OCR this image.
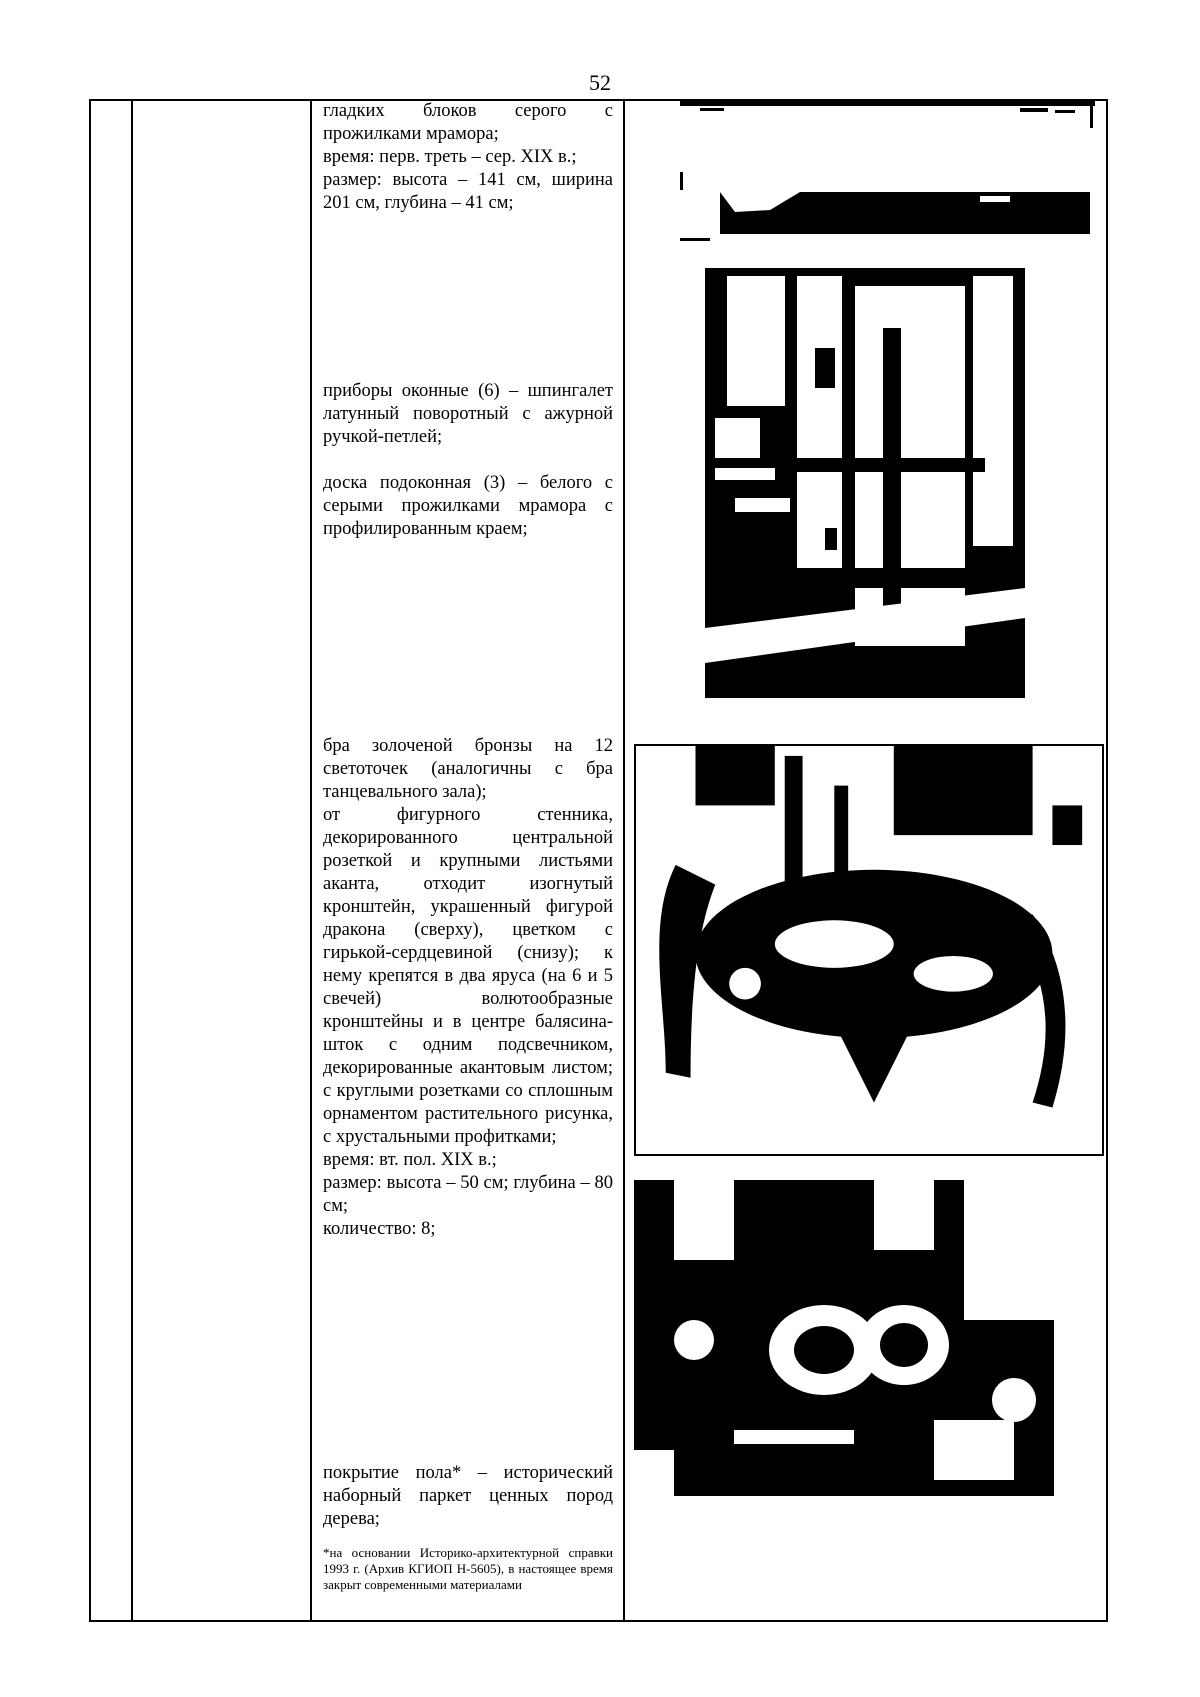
52
гладких блоков серого с прожилками мрамора;
время: перв. треть – сер. XIX в.;
размер: высота – 141 см, ширина 201 см, глубина – 41 см;
приборы оконные (6) – шпингалет латунный поворотный с ажурной ручкой-петлей;
доска подоконная (3) – белого с серыми прожилками мрамора с профилированным краем;
бра золоченой бронзы на 12 светоточек (аналогичны с бра танцевального зала);
от фигурного стенника, декорированного центральной розеткой и крупными листьями аканта, отходит изогнутый кронштейн, украшенный фигурой дракона (сверху), цветком с гирькой-сердцевиной (снизу); к нему крепятся в два яруса (на 6 и 5 свечей) волютообразные кронштейны и в центре балясина-шток с одним подсвечником, декорированные акантовым листом; с круглыми розетками со сплошным орнаментом растительного рисунка, с хрустальными профитками;
время: вт. пол. XIX в.;
размер: высота – 50 см; глубина – 80 см;
количество: 8;
покрытие пола* – исторический наборный паркет ценных пород дерева;
*на основании Историко-архитектурной справки 1993 г. (Архив КГИОП Н-5605), в настоящее время закрыт современными материалами
